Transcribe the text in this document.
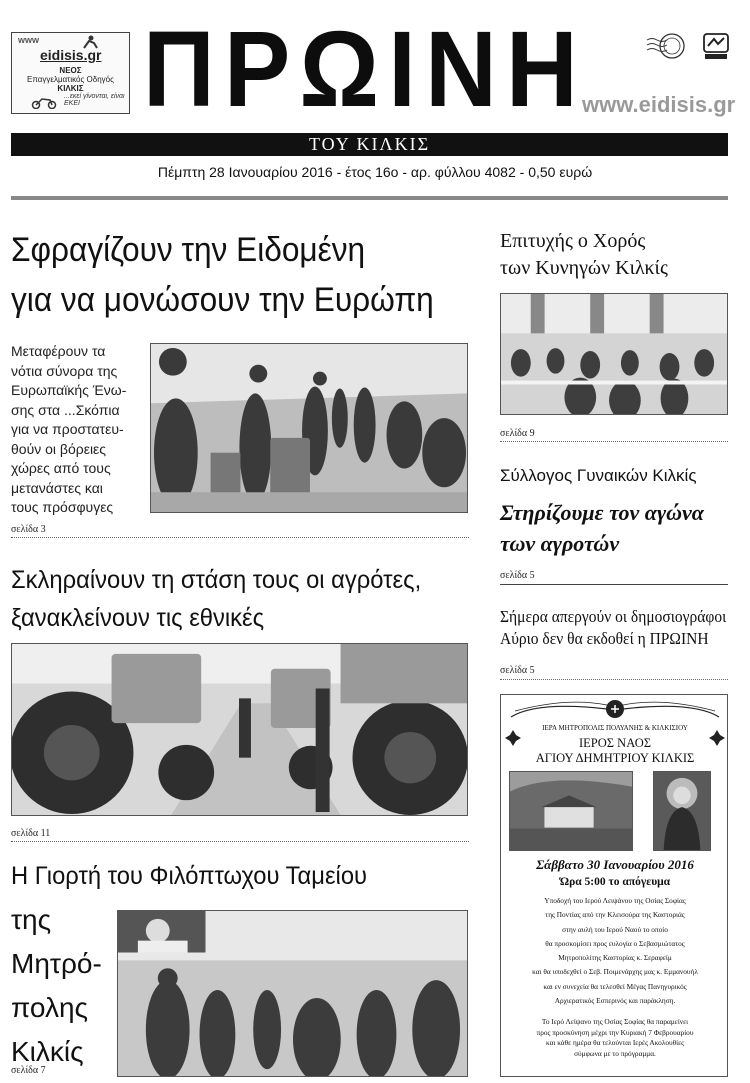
www
eidisis.gr
ΝΕΟΣ
Επαγγελματικός Οδηγός
ΚΙΛΚΙΣ
...εκεί γίνονται, είναι ΕΚΕΙ ΠΡΩΙΝΗ
www.eidisis.gr
ΤΟΥ ΚΙΛΚΙΣ
Πέμπτη 28 Ιανουαρίου 2016 - έτος 16ο - αρ. φύλλου 4082 - 0,50 ευρώ
Σφραγίζουν την Ειδομένη
για να μονώσουν την Ευρώπη
Μεταφέρουν τα
νότια σύνορα της
Ευρωπαϊκής Ένω-
σης στα ...Σκόπια
για να προστατευ-
θούν οι βόρειες
χώρες από τους
μετανάστες και
τους πρόσφυγες
σελίδα 3
Σκληραίνουν τη στάση τους οι αγρότες,
ξανακλείνουν τις εθνικές
σελίδα 11
Η Γιορτή του Φιλόπτωχου Ταμείου
της
Μητρό-
πολης
Κιλκίς
σελίδα 7
Επιτυχής ο Χορός
των Κυνηγών Κιλκίς
σελίδα 9
Σύλλογος Γυναικών Κιλκίς
Στηρίζουμε τον αγώνα
των αγροτών
σελίδα 5
Σήμερα απεργούν οι δημοσιογράφοι
Αύριο δεν θα εκδοθεί η ΠΡΩΙΝΗ
σελίδα 5
ΙΕΡΑ ΜΗΤΡΟΠΟΛΙΣ ΠΟΛΥΑΝΗΣ & ΚΙΛΚΙΣΙΟΥ
ΙΕΡΟΣ ΝΑΟΣ
ΑΓΙΟΥ ΔΗΜΗΤΡΙΟΥ ΚΙΛΚΙΣ
Σάββατο 30 Ιανουαρίου 2016
Ώρα 5:00 το απόγευμα
Υποδοχή του Ιερού Λειψάνου της Οσίας Σοφίας
της Ποντίας από την Κλεισούρα της Καστοριάς
στην αυλή του Ιερού Ναού το οποίο
θα προσκομίσει προς ευλογία ο Σεβασμιώτατος
Μητροπολίτης Καστορίας κ. Σεραφείμ
και θα υποδεχθεί ο Σεβ. Ποιμενάρχης μας κ. Εμμανουήλ
και εν συνεχεία θα τελεσθεί Μέγας Πανηγυρικός
Αρχιερατικός Εσπερινός και παράκληση.
Το Ιερό Λείψανο της Οσίας Σοφίας θα παραμείνει
προς προσκύνηση μέχρι την Κυριακή 7 Φεβρουαρίου
και κάθε ημέρα θα τελούνται Ιερές Ακολουθίες
σύμφωνα με το πρόγραμμα.
